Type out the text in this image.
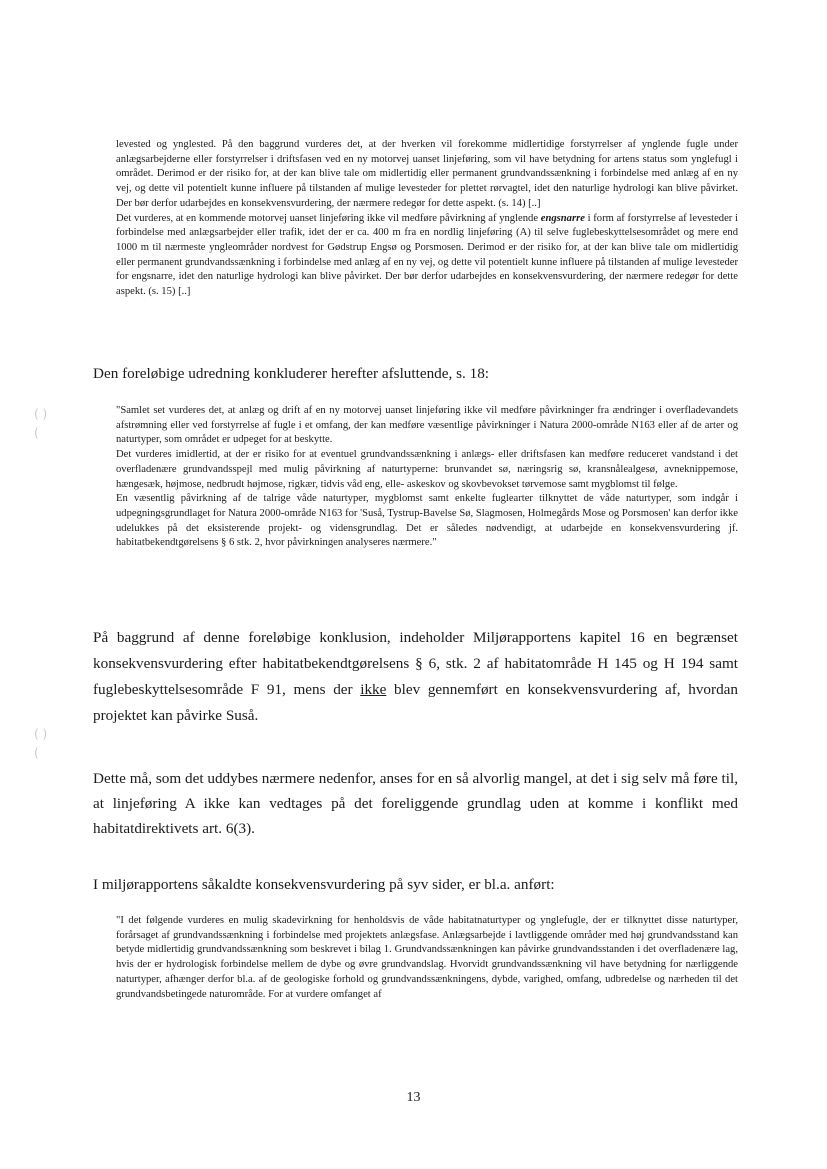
( )
(
( )
(

levested og ynglested. På den baggrund vurderes det, at der hverken vil forekomme midlertidige forstyrrelser af ynglende fugle under anlægsarbejderne eller forstyrrelser i driftsfasen ved en ny motorvej uanset linjeføring, som vil have betydning for artens status som ynglefugl i området. Derimod er der risiko for, at der kan blive tale om midlertidig eller permanent grundvandssænkning i forbindelse med anlæg af en ny vej, og dette vil potentielt kunne influere på tilstanden af mulige levesteder for plettet rørvagtel, idet den naturlige hydrologi kan blive påvirket. Der bør derfor udarbejdes en konsekvensvurdering, der nærmere redegør for dette aspekt. (s. 14) [..]

Det vurderes, at en kommende motorvej uanset linjeføring ikke vil medføre påvirkning af ynglende engsnarre i form af forstyrrelse af levesteder i forbindelse med anlægsarbejder eller trafik, idet der er ca. 400 m fra en nordlig linjeføring (A) til selve fuglebeskyttelsesområdet og mere end 1000 m til nærmeste yngleområder nordvest for Gødstrup Engsø og Porsmosen. Derimod er der risiko for, at der kan blive tale om midlertidig eller permanent grundvandssænkning i forbindelse med anlæg af en ny vej, og dette vil potentielt kunne influere på tilstanden af mulige levesteder for engsnarre, idet den naturlige hydrologi kan blive påvirket. Der bør derfor udarbejdes en konsekvensvurdering, der nærmere redegør for dette aspekt. (s. 15) [..]

Den foreløbige udredning konkluderer herefter afsluttende, s. 18:

"Samlet set vurderes det, at anlæg og drift af en ny motorvej uanset linjeføring ikke vil medføre påvirkninger fra ændringer i overfladevandets afstrømning eller ved forstyrrelse af fugle i et omfang, der kan medføre væsentlige påvirkninger i Natura 2000-område N163 eller af de arter og naturtyper, som området er udpeget for at beskytte.

Det vurderes imidlertid, at der er risiko for at eventuel grundvandssænkning i anlægs- eller driftsfasen kan medføre reduceret vandstand i det overfladenære grundvandsspejl med mulig påvirkning af naturtyperne: brunvandet sø, næringsrig sø, kransnålealgesø, avneknippemose, hængesæk, højmose, nedbrudt højmose, rigkær, tidvis våd eng, elle- askeskov og skovbevokset tørvemose samt mygblomst til følge.

En væsentlig påvirkning af de talrige våde naturtyper, mygblomst samt enkelte fuglearter tilknyttet de våde naturtyper, som indgår i udpegningsgrundlaget for Natura 2000-område N163 for 'Suså, Tystrup-Bavelse Sø, Slagmosen, Holmegårds Mose og Porsmosen' kan derfor ikke udelukkes på det eksisterende projekt- og vidensgrundlag. Det er således nødvendigt, at udarbejde en konsekvensvurdering jf. habitatbekendtgørelsens § 6 stk. 2, hvor påvirkningen analyseres nærmere."

På baggrund af denne foreløbige konklusion, indeholder Miljørapportens kapitel 16 en begrænset konsekvensvurdering efter habitatbekendtgørelsens § 6, stk. 2 af habitatområde H 145 og H 194 samt fuglebeskyttelsesområde F 91, mens der ikke blev gennemført en konsekvensvurdering af, hvordan projektet kan påvirke Suså.

Dette må, som det uddybes nærmere nedenfor, anses for en så alvorlig mangel, at det i sig selv må føre til, at linjeføring A ikke kan vedtages på det foreliggende grundlag uden at komme i konflikt med habitatdirektivets art. 6(3).

I miljørapportens såkaldte konsekvensvurdering på syv sider, er bl.a. anført:

"I det følgende vurderes en mulig skadevirkning for henholdsvis de våde habitatnaturtyper og ynglefugle, der er tilknyttet disse naturtyper, forårsaget af grundvandssænkning i forbindelse med projektets anlægsfase. Anlægsarbejde i lavtliggende områder med høj grundvandsstand kan betyde midlertidig grundvandssænkning som beskrevet i bilag 1. Grundvandssænkningen kan påvirke grundvandsstanden i det overfladenære lag, hvis der er hydrologisk forbindelse mellem de dybe og øvre grundvandslag. Hvorvidt grundvandssænkning vil have betydning for nærliggende naturtyper, afhænger derfor bl.a. af de geologiske forhold og grundvandssænkningens, dybde, varighed, omfang, udbredelse og nærheden til det grundvandsbetingede naturområde. For at vurdere omfanget af

13
